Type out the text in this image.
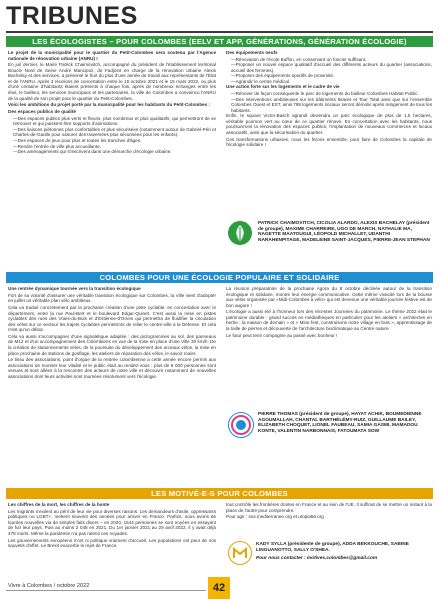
TRIBUNES
LES ÉCOLOGISTES – POUR COLOMBES (EELV ET APP, GÉNÉRATIONS, GÉNÉRATION ÉCOLOGIE)

Le projet de la municipalité pour le quartier du Petit-Colombes sera soutenu par l'Agence nationale de rénovation urbaine (ANRU) !

En juil dernier, le Maire Patrick Chaimovitch, accompagné du président de l'établissement territorial Boucle Nord de Seine André Mancipoz, de Fadjoint en charge de la rénovation urbaine Alexis Bachelay et des services, a présenté le fruit du plus d'une année de travail aux représentants de l'État et de l'ANRU. Après 3 réunions de concertation entre le 15 octobre 2021 et le 15 mars 2022, ou plus d'une centaine d'habitants étaient présents à chaque fois, après de nombreux échanges entre les élus, le bailleur, les services municipaux et les partenaires, la ville de Colombes a convaincu l'ANRU de la qualité de son projet pour le quartier du Petit-Colombes.

Voici les ambitions du projet porté par la municipalité pour les habitants du Petit-Colombes :

Des espaces publics de qualité

— Des espaces publics plus verts et fleuris, plus nombreux et plus qualitatifs, qui permettront de se retrouver et qui puissent être supports d'animations.
— Des liaisons piétonnes plus confortables et plus sécurisées (notamment autour de Gabriel-Péri et Charles-de-Gaulle pour assurer des traversées plus sécurisées pour les enfants).
— Des espaces de jeux pour plus et toutes les tranches d'âges.
— Rendre l'entrée de ville plus accueillante.
— Des aménagements qui s'inscrivent dans une démarche d'écologie urbaine.

Des équipements neufs

— Rénovation de l'école Buffon, en conservant un foncier suffisant.
— Proposer un nouvel espace qualitatif d'accueil des différents acteurs du quartier (associations, accueil des femmes).
— Proposer des équipements sportifs de proximité.
— Agrandir le centre médical.

Une action forte sur les logements et le cadre de vie

— Rénover de façon conséquente le parc de logements du bailleur Colombes Habitat Public.
— Des interventions ambitieuses sur les bâtiments Itsares et Tour Total ainsi que sur l'ensemble Colombes Ouest et EST, ainsi 788 logements sociaux seront démolis après relogement de tous les habitants.

Enfin, le square Victor-Basch agrandi deviendra un parc écologique de plus de 1,5 hectares, véritable poumon vert au cœur de ce quartier rénové. En concertation avec les habitants, nous poursuivrons la rénovation des espaces publics, l'implantation de nouveaux commerces et locaux associatifs, ainsi que la sécurisation du quartier.

Ces transformations urbaines, nous les ferons ensemble, pour faire de Colombes la capitale de l'écologie solidaire !

PATRICK CHAIMOVITCH, CICOLIA ALARDO, ALEXIS BACHELAY (président de groupe), MAXIME CHARREIRE, UGO DE MARCH, NATHALIE MA, NAGETTE MAATOUGUI, LÉOPOLD MICHALLET, UDANTHI NARAHENPITAGE, MADELEINE SAINT-JACQUES, PIERRE-JEAN STEPHAN
COLOMBES POUR UNE ÉCOLOGIE POPULAIRE ET SOLIDAIRE

Une rentrée dynamique tournée vers la transition écologique

Fort de sa volonté d'assurer une véritable transition écologique sur Colombes, la Ville vient d'adopter en juillet un véritable plan vélo ambitieux.

Cela va traduit concrètement par la prochaine création d'une piste cyclable, en concertation avec le département, entre la rue Paul-Bert et le boulevard Edgar-Quinet. C'est aussi la mise en pistes cyclables des rues des Voies-du-Bois et d'Estienne-d'Orves qui permettra de fluidifier la circulation des vélos sur ce secteur les trajets cyclables permettront de relier le centre-ville à la Défense. Et cela n'est qu'un début.

Cela va aussi s'accompagner d'une signalétique adaptée : des pictogrammes au sol, des panneaux de M12 et d'un accompagnement des Colombiens en vue de la mise en place d'une Ville 30 km/h. De la création de stationnements vélos, de la poursuite du développement des arceaux vélos, la mise en place prochaine de stations de gonflage, les ateliers de réparation des vélos, le savoir rouler.

Le tissu des associations, point d'orgue de la rentrée colombienne a cette année encore permis aux associations de montrer leur vitalité et le public était au rendez-vous : plus de 6 000 personnes sont venues et sont allées à la rencontre des acteurs de notre ville et découvrir notamment de nouvelles associations dont leurs activités sont tournées résolument vers l'écologie.

La réunion préparatoire de la prochaine Agora du 8 octobre déclinée autour de la transition écologique et solidaire, montre leur énergie communicative. Cette même vivacité lors de la bourse aux vélos organisée par «Midi-Colombes à vélo» qui est devenue une véritable journée festive est de bon augure !

L'écologie a aussi été à l'honneur lors des récentes Journées du patrimoine. Le thème 2022 était le patrimoine durable : grand succès en médiathèques en particulier pour les ateliers « architectes en herbe : la maison de demain » et « Mine fest, construisons notre village en bois », apprentissage de la taille de pierres et découverte de l'architecture bioclimatique au Centre nature.

Le futur peut tenir compagnie au passé avec bonheur !

PIERRE THOMAS (président de groupe), HAYAT ACHIK, BOUMEDIENNE AGOUMALLAH, CHANTAL BARTHÉLÉMY-RUIZ, GUILLAUME BAILEY, ELIZABETH CHOQUET, LIONEL FAUBEAU, SAMIA GASMI, MAMADOU KONTE, VALENTIN NARBONNAIS, FATOUMATA SOW
LES MOTIVÉ-E-S POUR COLOMBES

Les chiffres de la mort, les chiffres de la honte

Les migrants s'exilent au péril de leur vie pour diverses raisons. Les demandeurs d'asile, oppressants politiques ou LGBT+, mettent souvent des années pour arriver en France. Parfois, nous avons de lourdes nouvelles via de simples faits divers – en 2020, 1544 personnes se sont noyées en essayant de fuir leur pays. Puis au moins 2 048 en 2021. Du 1er janvier 2021 au 29 avril 2022, il y avait déjà 478 morts. Même la pandémie n'a pas ralenti ces noyades.

Les gouvernements européens n'ont ni politique vraiment d'accueil. Les populations ont peur de nos sauvetis d'effet. Le Brexit exacerbe le rejet de France,

tout contrôle les frontières droites en France et au sein de l'UE. Il suffirait de se mettre un instant à la place de l'autre pour comprendre.

Pour agir : sos.mediterranee.org et utopia56.org

KADY SYLLA (présidente de groupe), ADDA BEKKOUCHE, SABINE LINGUANOTTO, SALLY O'SHEA.
Pour nous contacter : motives.colombes@gmail.com
Vivre à Colombes / octobre 2022	42
